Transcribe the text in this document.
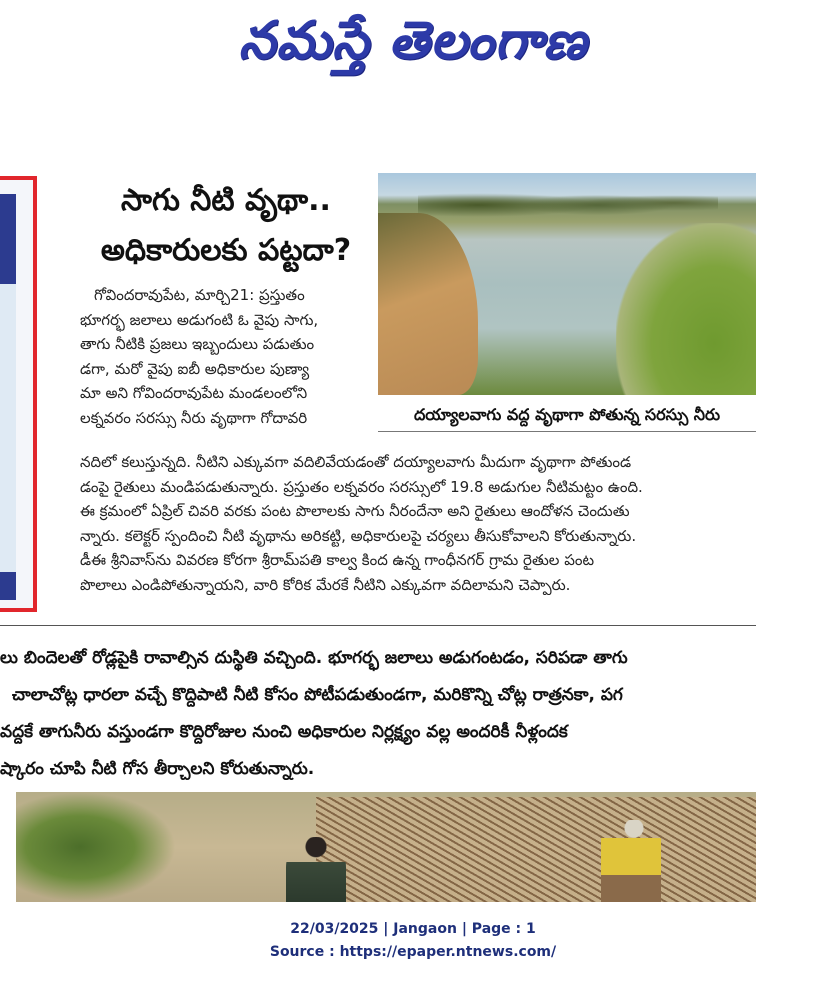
నమస్తే తెలంగాణ
సాగు నీటి వృథా..
అధికారులకు పట్టదా?
దయ్యాలవాగు వద్ద వృథాగా పోతున్న సరస్సు నీరు

గోవిందరావుపేట, మార్చి21: ప్రస్తుతం

భూగర్భ జలాలు అడుగంటి ఓ వైపు సాగు,

తాగు నీటికి ప్రజలు ఇబ్బందులు పడుతుం

డగా, మరో వైపు ఐబీ అధికారుల పుణ్యా

మా అని గోవిందరావుపేట మండలంలోని

లక్నవరం సరస్సు నీరు వృథాగా గోదావరి

నదిలో కలుస్తున్నది. నీటిని ఎక్కువగా వదిలివేయడంతో దయ్యాలవాగు మీదుగా వృథాగా పోతుండ

డంపై రైతులు మండిపడుతున్నారు. ప్రస్తుతం లక్నవరం సరస్సులో 19.8 అడుగుల నీటిమట్టం ఉంది.

ఈ క్రమంలో ఏప్రిల్ చివరి వరకు పంట పొలాలకు సాగు నీరందేనా అని రైతులు ఆందోళన చెందుతు

న్నారు. కలెక్టర్ స్పందించి నీటి వృథాను అరికట్టి, అధికారులపై చర్యలు తీసుకోవాలని కోరుతున్నారు.

డీఈ శ్రీనివాస్‌ను వివరణ కోరగా శ్రీరామ్‌పతి కాల్వ కింద ఉన్న గాంధీనగర్ గ్రామ రైతుల పంట

పొలాలు ఎండిపోతున్నాయని, వారి కోరిక మేరకే నీటిని ఎక్కువగా వదిలామని చెప్పారు.

లు బిందెలతో రోడ్లపైకి రావాల్సిన దుస్థితి వచ్చింది. భూగర్భ జలాలు అడుగంటడం, సరిపడా తాగు

చాలాచోట్ల ధారలా వచ్చే కొద్దిపాటి నీటి కోసం పోటీపడుతుండగా, మరికొన్ని చోట్ల రాత్రనకా, పగ

వద్దకే తాగునీరు వస్తుండగా కొద్దిరోజుల నుంచి అధికారుల నిర్లక్ష్యం వల్ల అందరికీ నీళ్లందక

ష్కారం చూపి నీటి గోస తీర్చాలని కోరుతున్నారు.

22/03/2025 | Jangaon | Page : 1
Source : https://epaper.ntnews.com/
